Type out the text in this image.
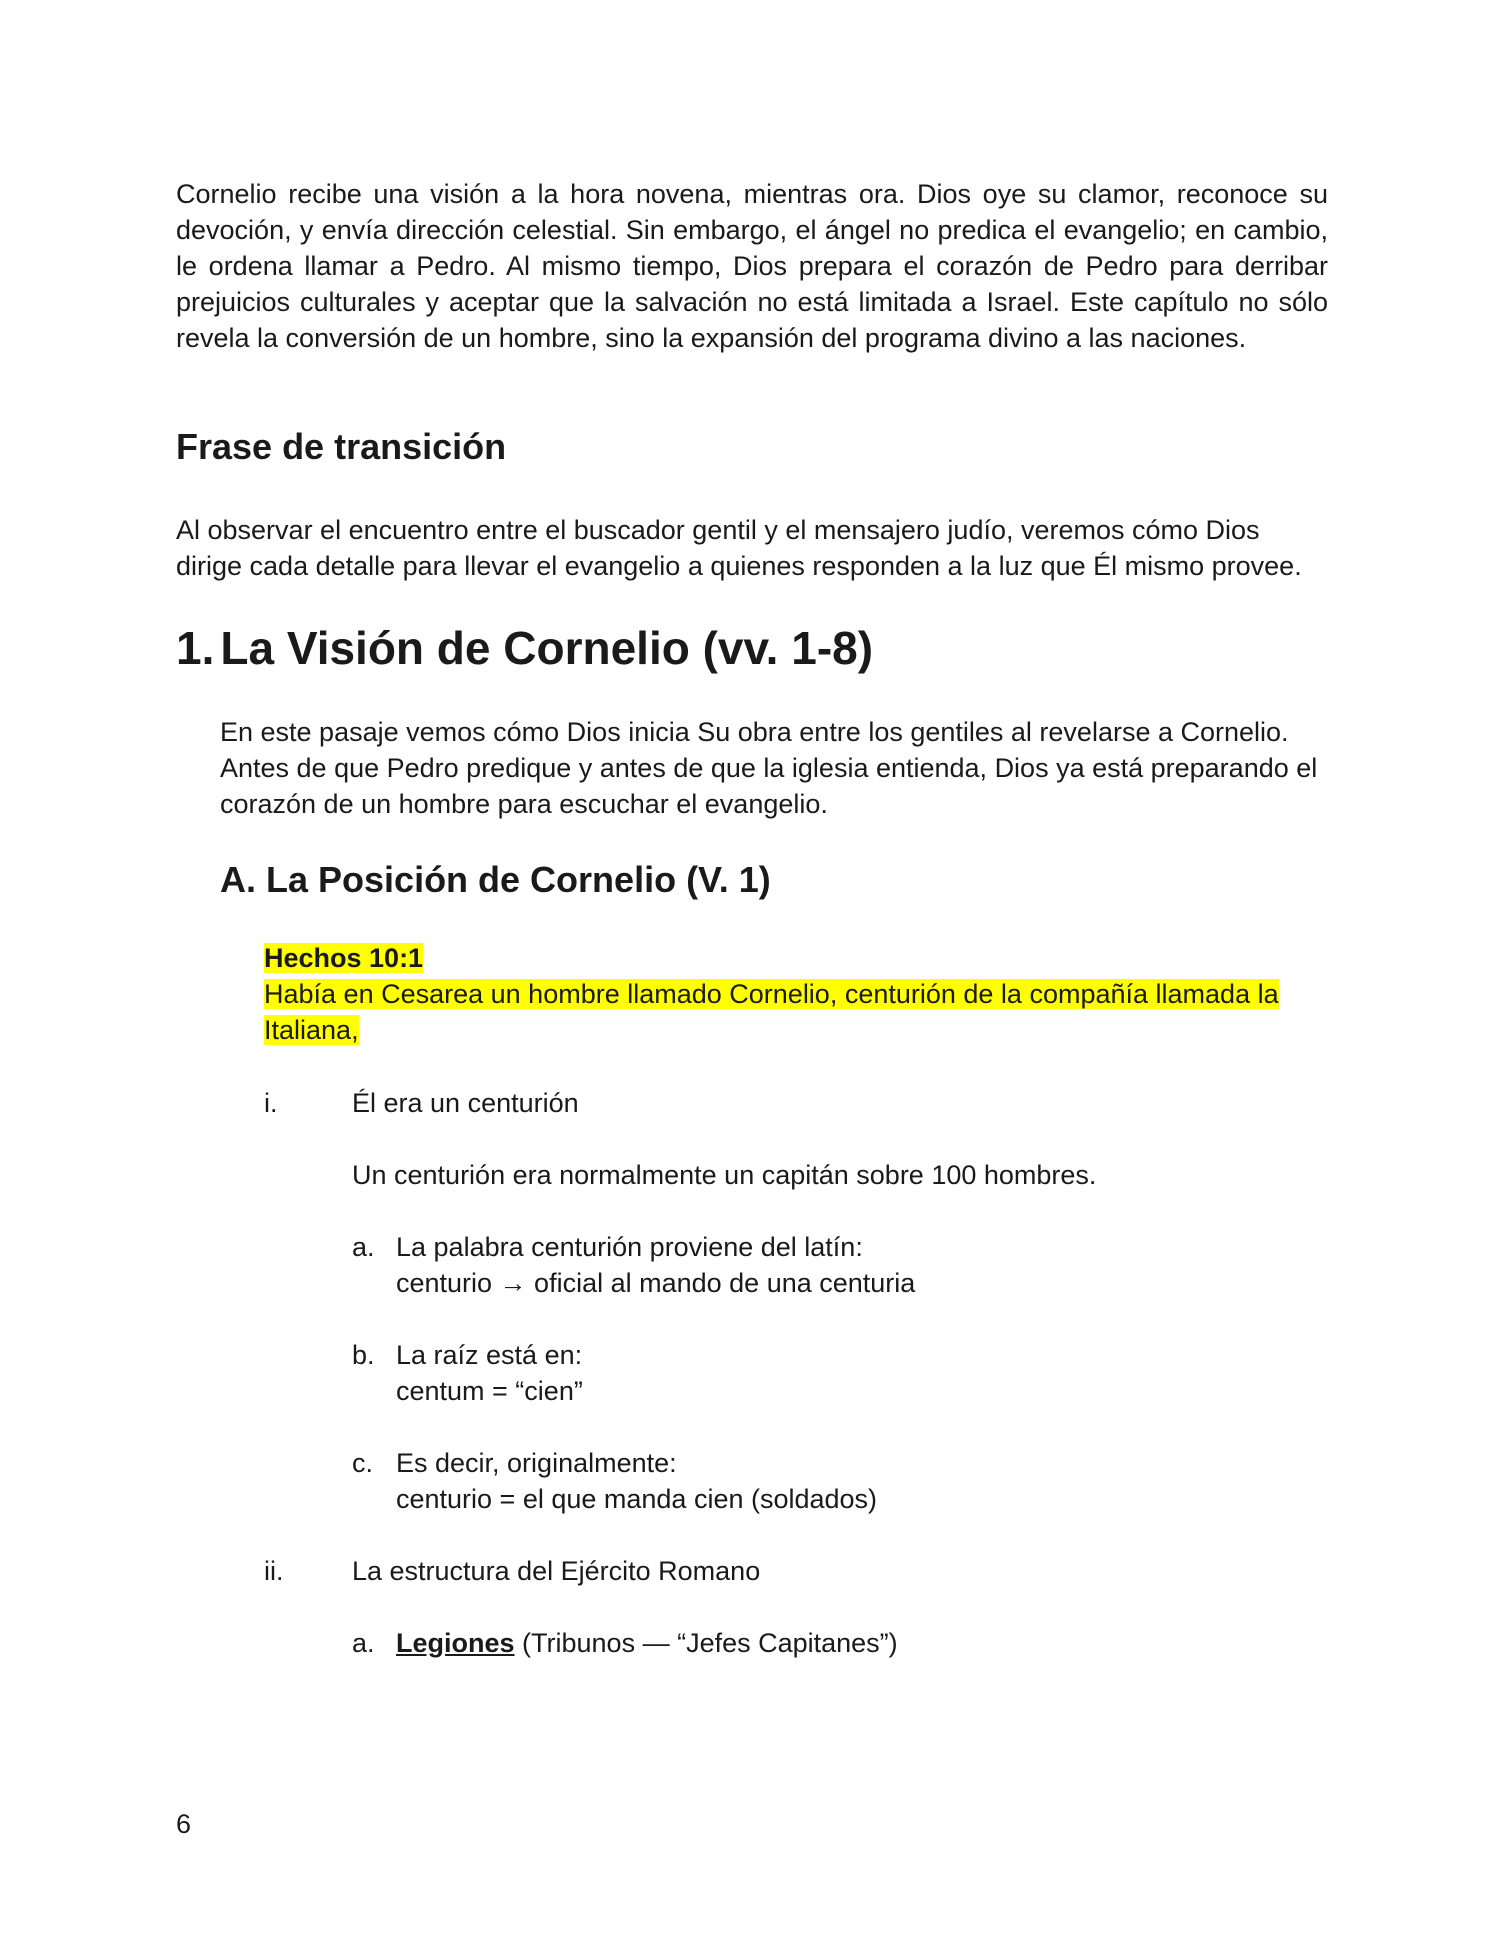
Cornelio recibe una visión a la hora novena, mientras ora. Dios oye su clamor, reconoce su devoción, y envía dirección celestial. Sin embargo, el ángel no predica el evangelio; en cambio, le ordena llamar a Pedro. Al mismo tiempo, Dios prepara el corazón de Pedro para derribar prejuicios culturales y aceptar que la salvación no está limitada a Israel. Este capítulo no sólo revela la conversión de un hombre, sino la expansión del programa divino a las naciones.

Frase de transición

Al observar el encuentro entre el buscador gentil y el mensajero judío, veremos cómo Dios dirige cada detalle para llevar el evangelio a quienes responden a la luz que Él mismo provee.

1. La Visión de Cornelio (vv. 1-8)

En este pasaje vemos cómo Dios inicia Su obra entre los gentiles al revelarse a Cornelio. Antes de que Pedro predique y antes de que la iglesia entienda, Dios ya está preparando el corazón de un hombre para escuchar el evangelio.

A. La Posición de Cornelio (V. 1)
Hechos 10:1
Había en Cesarea un hombre llamado Cornelio, centurión de la compañía llamada la Italiana,
i.	Él era un centurión
Un centurión era normalmente un capitán sobre 100 hombres.
a. La palabra centurión proviene del latín:
centurio → oficial al mando de una centuria
b. La raíz está en:
centum = “cien”
c. Es decir, originalmente:
centurio = el que manda cien (soldados)
ii.	La estructura del Ejército Romano
a. Legiones (Tribunos — “Jefes Capitanes”)
6
